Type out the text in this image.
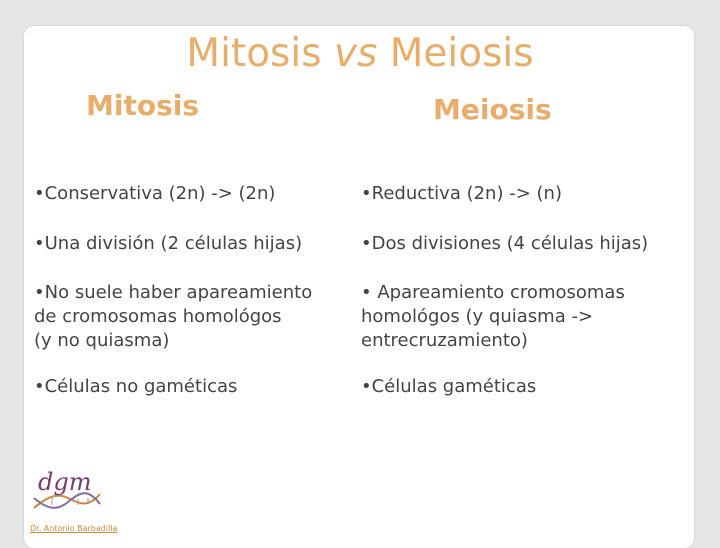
Mitosis vs Meiosis
Mitosis	Meiosis
•Conservativa (2n) -> (2n)
•Una división (2 células hijas)
•No suele haber apareamiento
de cromosomas homológos
(y no quiasma)
•Células no gaméticas
•Reductiva (2n) -> (n)
•Dos divisiones (4 células hijas)
• Apareamiento cromosomas
homológos (y quiasma ->
entrecruzamiento)
•Células gaméticas
dgm
Dr. Antonio Barbadilla
